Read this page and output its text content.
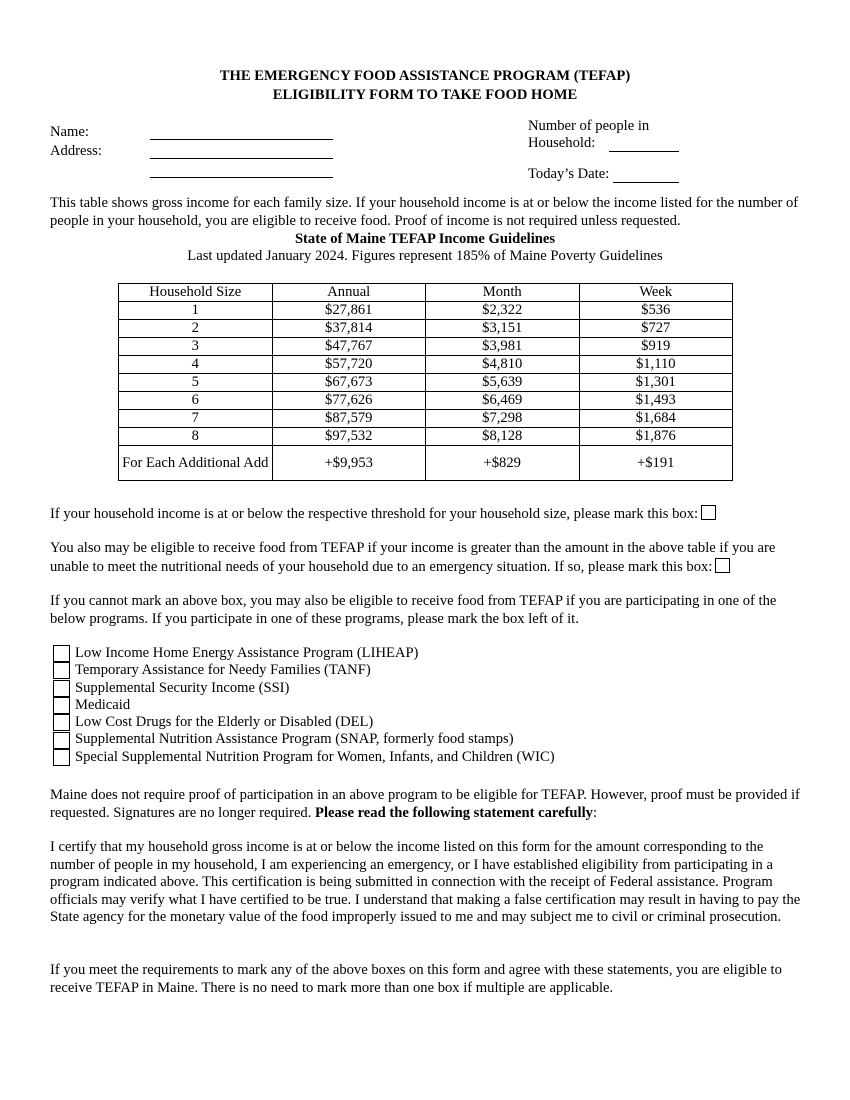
THE EMERGENCY FOOD ASSISTANCE PROGRAM (TEFAP)
ELIGIBILITY FORM TO TAKE FOOD HOME
Name:
Address:
Number of people in
Household:
Today’s Date:

This table shows gross income for each family size. If your household income is at or below the income listed for the number of people in your household, you are eligible to receive food. Proof of income is not required unless requested.

State of Maine TEFAP Income Guidelines
Last updated January 2024. Figures represent 185% of Maine Poverty Guidelines
Household Size	Annual	Month	Week
1	$27,861	$2,322	$536
2	$37,814	$3,151	$727
3	$47,767	$3,981	$919
4	$57,720	$4,810	$1,110
5	$67,673	$5,639	$1,301
6	$77,626	$6,469	$1,493
7	$87,579	$7,298	$1,684
8	$97,532	$8,128	$1,876
For Each Additional Add	+$9,953	+$829	+$191

If your household income is at or below the respective threshold for your household size, please mark this box:

You also may be eligible to receive food from TEFAP if your income is greater than the amount in the above table if you are unable to meet the nutritional needs of your household due to an emergency situation. If so, please mark this box:

If you cannot mark an above box, you may also be eligible to receive food from TEFAP if you are participating in one of the below programs. If you participate in one of these programs, please mark the box left of it.

Low Income Home Energy Assistance Program (LIHEAP)
Temporary Assistance for Needy Families (TANF)
Supplemental Security Income (SSI)
Medicaid
Low Cost Drugs for the Elderly or Disabled (DEL)
Supplemental Nutrition Assistance Program (SNAP, formerly food stamps)
Special Supplemental Nutrition Program for Women, Infants, and Children (WIC)

Maine does not require proof of participation in an above program to be eligible for TEFAP. However, proof must be provided if requested. Signatures are no longer required. Please read the following statement carefully:

I certify that my household gross income is at or below the income listed on this form for the amount corresponding to the number of people in my household, I am experiencing an emergency, or I have established eligibility from participating in a program indicated above. This certification is being submitted in connection with the receipt of Federal assistance. Program officials may verify what I have certified to be true. I understand that making a false certification may result in having to pay the State agency for the monetary value of the food improperly issued to me and may subject me to civil or criminal prosecution.

If you meet the requirements to mark any of the above boxes on this form and agree with these statements, you are eligible to receive TEFAP in Maine. There is no need to mark more than one box if multiple are applicable.
